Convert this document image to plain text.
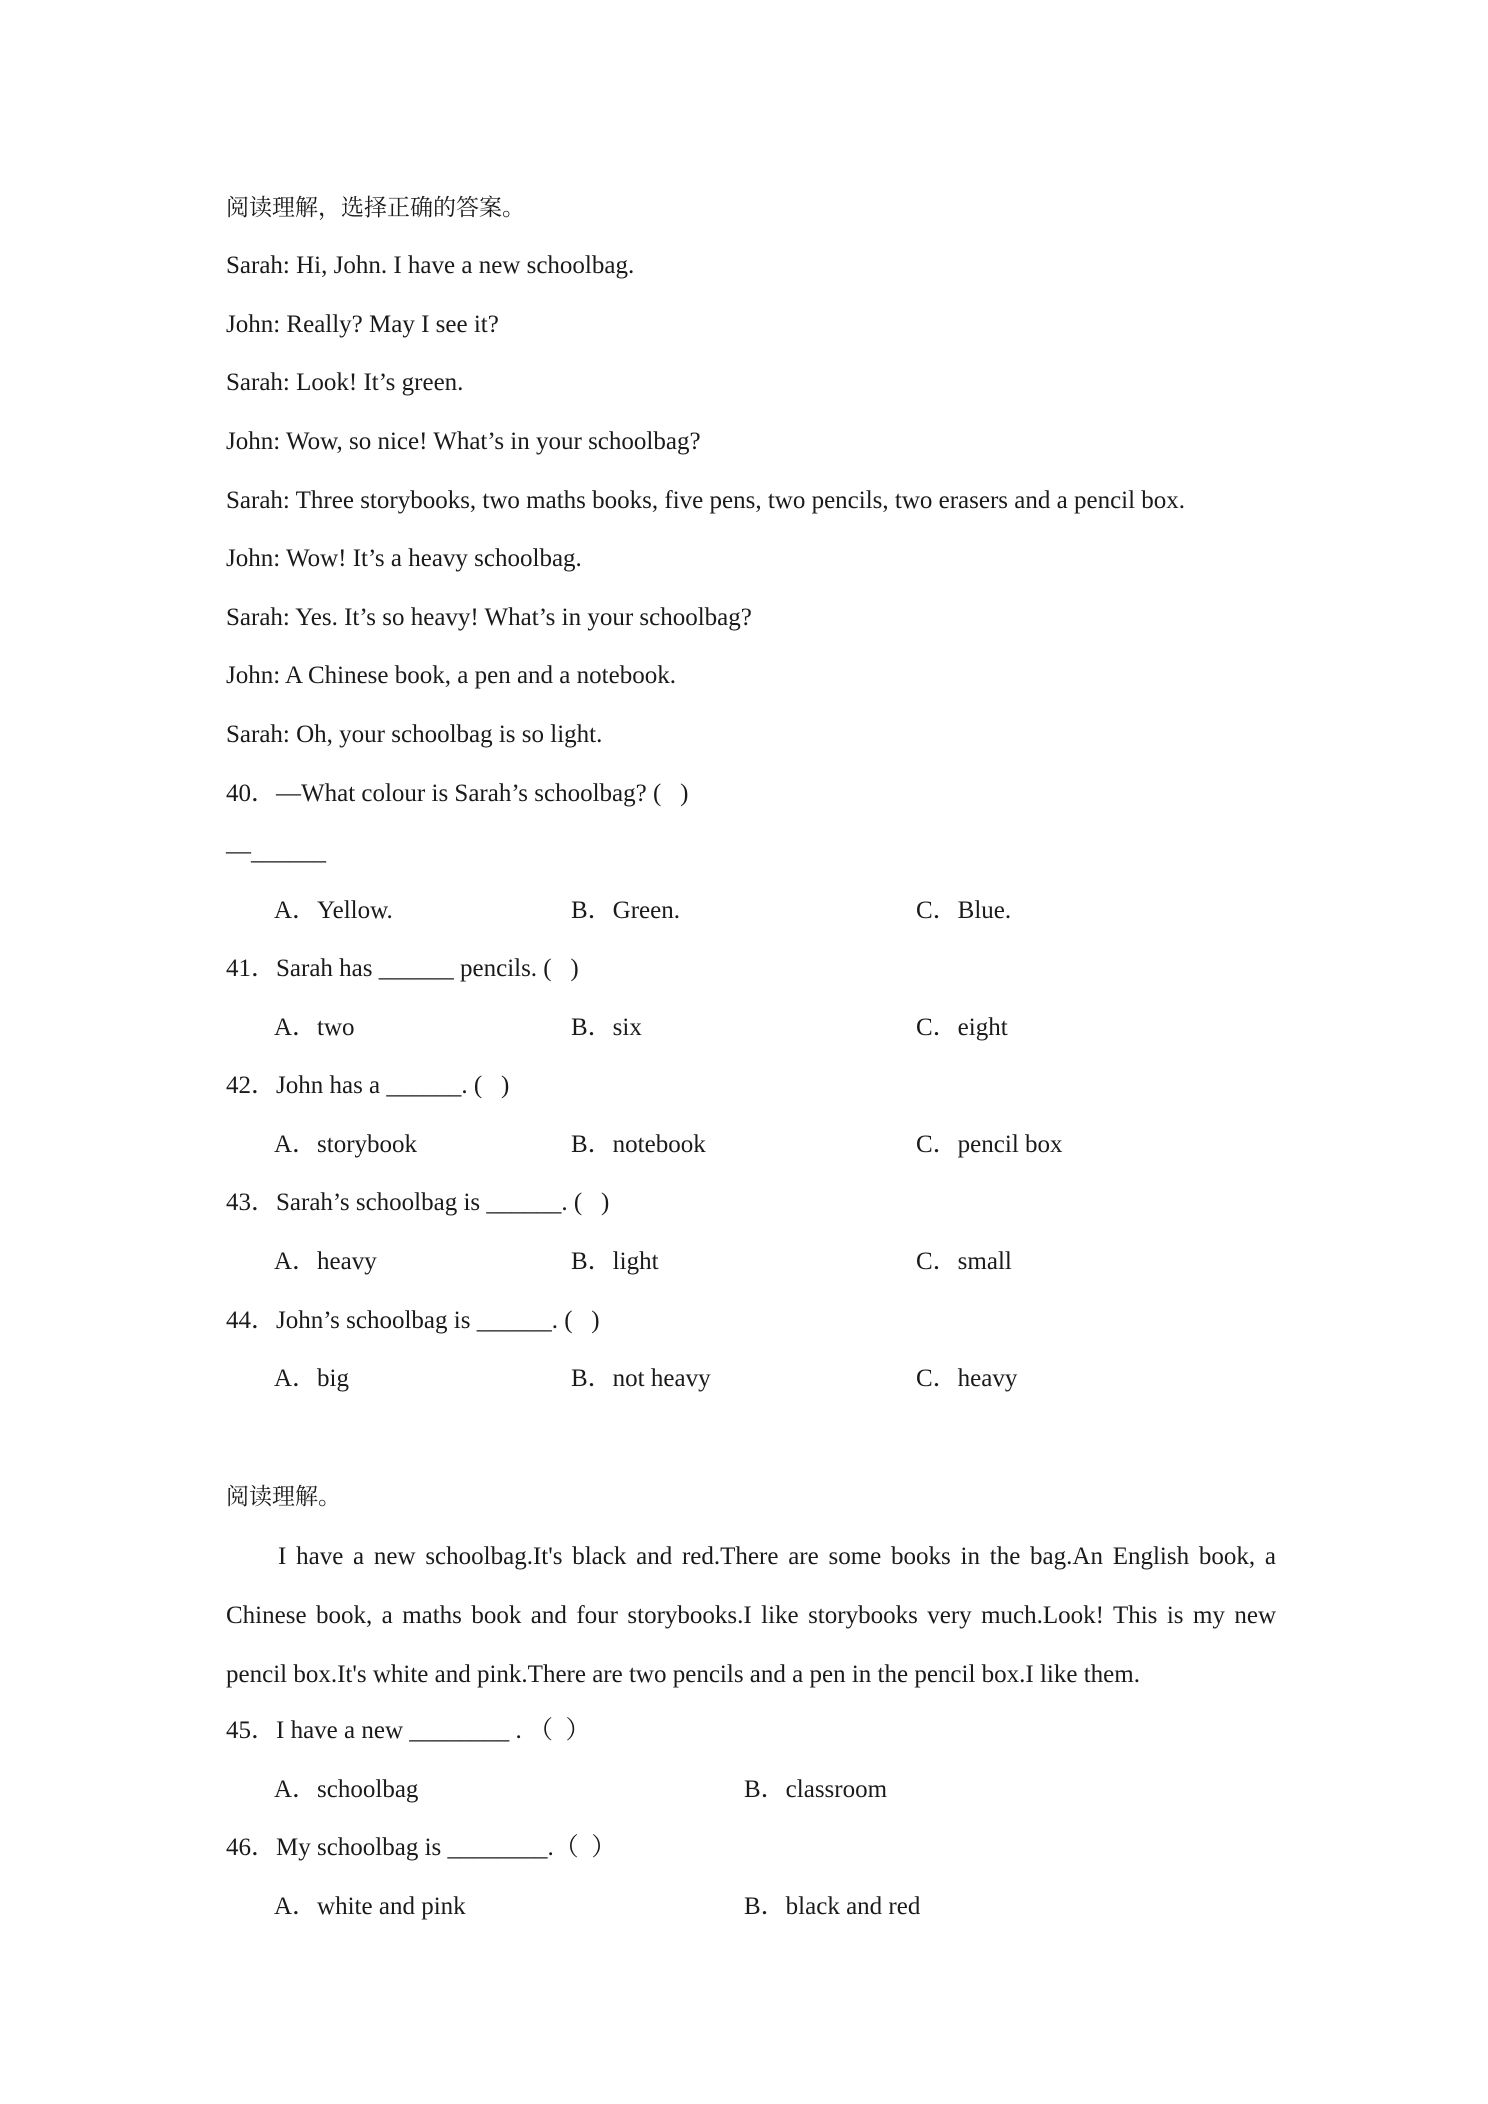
阅读理解，选择正确的答案。
Sarah: Hi, John. I have a new schoolbag.
John: Really? May I see it?
Sarah: Look! It’s green.
John: Wow, so nice! What’s in your schoolbag?
Sarah: Three storybooks, two maths books, five pens, two pencils, two erasers and a pencil box.
John: Wow! It’s a heavy schoolbag.
Sarah: Yes. It’s so heavy! What’s in your schoolbag?
John: A Chinese book, a pen and a notebook.
Sarah: Oh, your schoolbag is so light.
40．—What colour is Sarah’s schoolbag? (   )
—______
A．Yellow.	B．Green.	C．Blue.
41．Sarah has ______ pencils. (   )
A．two	B．six	C．eight
42．John has a ______. (   )
A．storybook	B．notebook	C．pencil box
43．Sarah’s schoolbag is ______. (   )
A．heavy	B．light	C．small
44．John’s schoolbag is ______. (   )
A．big	B．not heavy	C．heavy
阅读理解。
I have a new schoolbag.It's black and red.There are some books in the bag.An English book, a Chinese book, a maths book and four storybooks.I like storybooks very much.Look! This is my new pencil box.It's white and pink.There are two pencils and a pen in the pencil box.I like them.
45．I have a new ________ . （  ）
A．schoolbag	B．classroom
46．My schoolbag is ________.（  ）
A．white and pink	B．black and red
